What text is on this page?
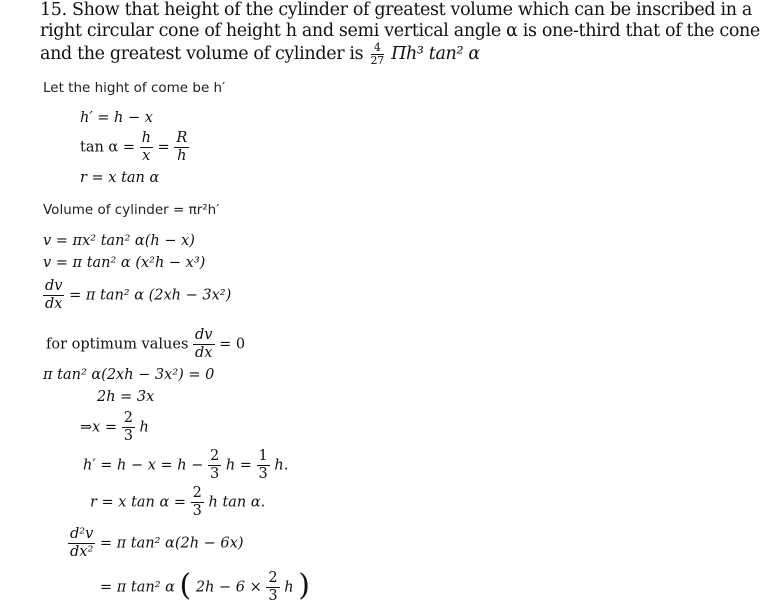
15. Show that height of the cylinder of greatest volume which can be inscribed in a right circular cone of height h and semi vertical angle α is one-third that of the cone and the greatest volume of cylinder is $\frac{4}{27} \Pi h^3$ tan² α
Let the hight of come be h′
h′ = h − x
$\tan \alpha = \frac{h}{x} = \frac{R}{h}$
r = x tan α
Volume of cylinder = πr²h′
v = πx² tan² α(h − x)
v = π tan² α (x²h − x³)
$\frac{dv}{dx} = \pi$ tan² α (2xh − 3x²)
for optimum values $\frac{dv}{dx} = 0$
π tan² α(2xh − 3x²) = 0
2h = 3x
⇒x = $\frac{2}{3}$ h
$h' = h - x = h - \frac{2}{3}$ $h = \frac{1}{3} h$.
r = x $\tan \alpha = \frac{2}{3}$ h tan α.
$\frac{\text{d²v}}{\text{dx²}} = \pi$ tan² α(2h − 6x)
= π tan² α ( $2h - 6 \times \frac{2}{3}$ h )
